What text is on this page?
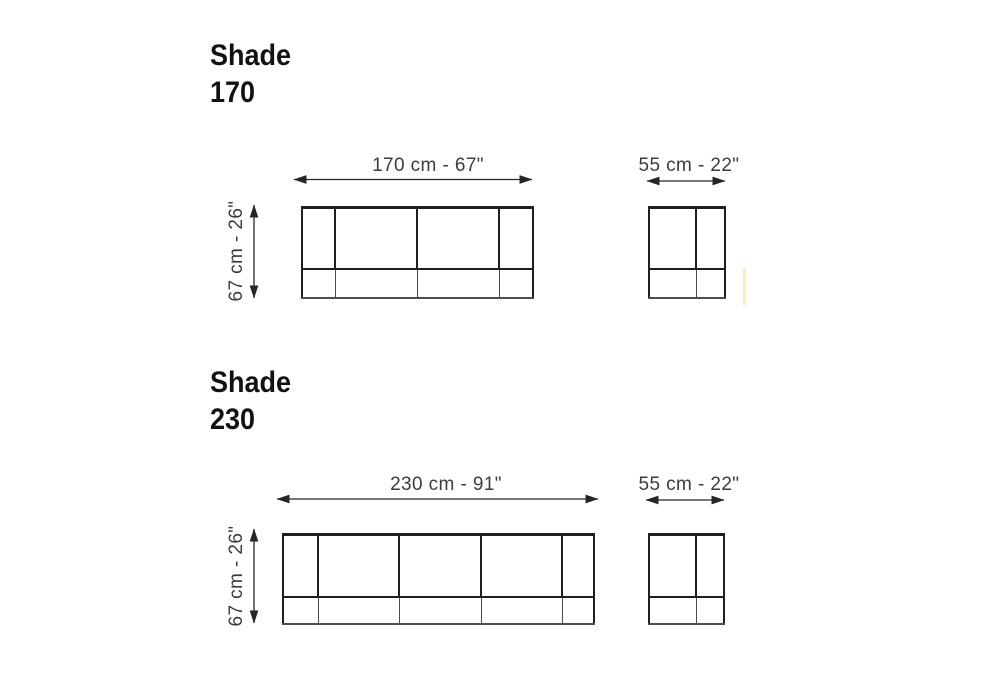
Shade
170
170 cm - 67"
67 cm - 26"
55 cm - 22"
Shade
230
230 cm - 91"
67 cm - 26"
55 cm - 22"
